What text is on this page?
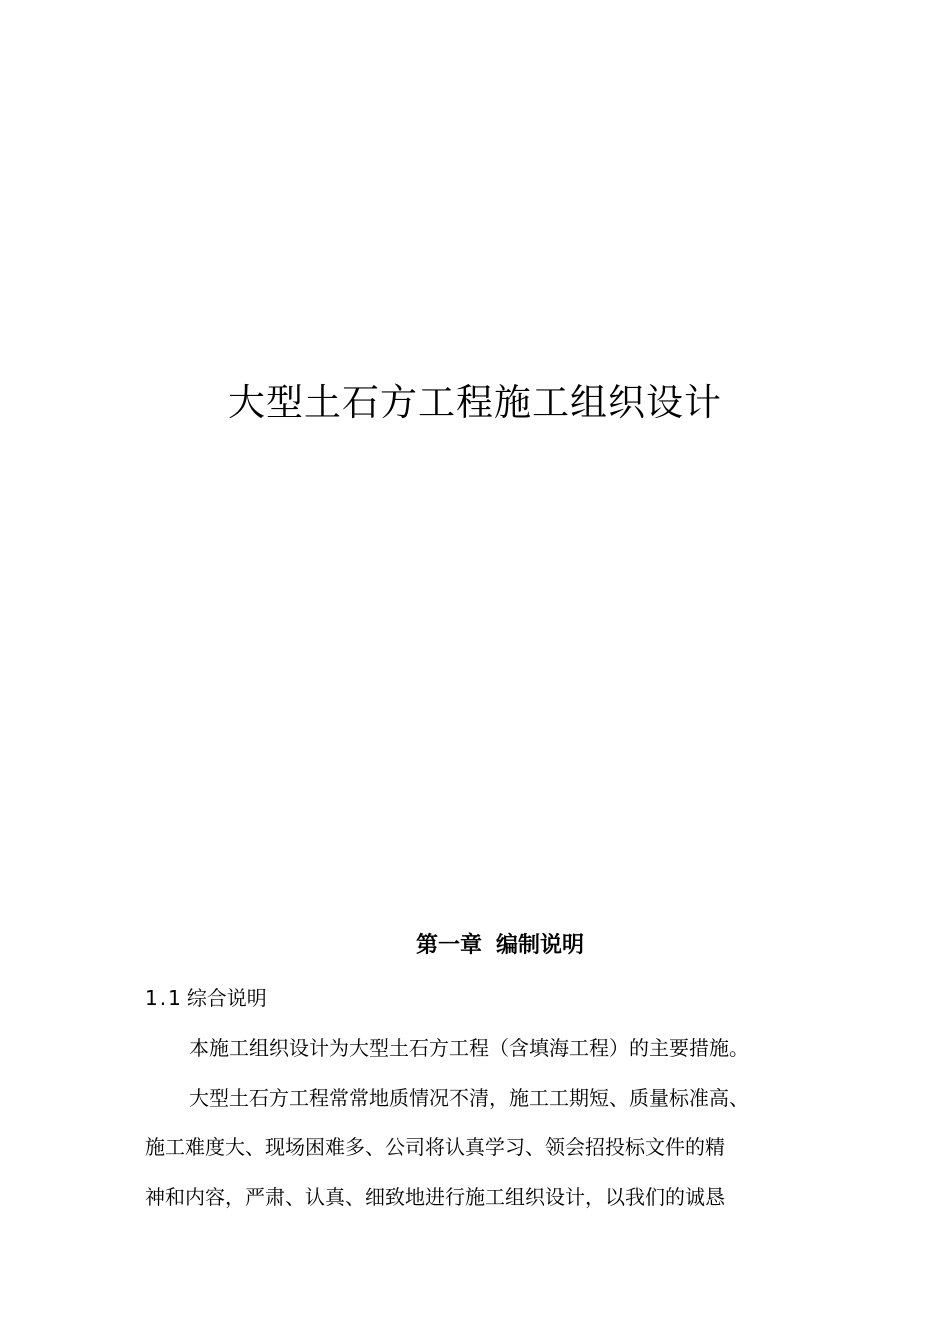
大型土石方工程施工组织设计
第一章 编制说明
1.1 综合说明

本施工组织设计为大型土石方工程（含填海工程）的主要措施。

大型土石方工程常常地质情况不清，施工工期短、质量标准高、

施工难度大、现场困难多、公司将认真学习、领会招投标文件的精

神和内容，严肃、认真、细致地进行施工组织设计，以我们的诚恳
